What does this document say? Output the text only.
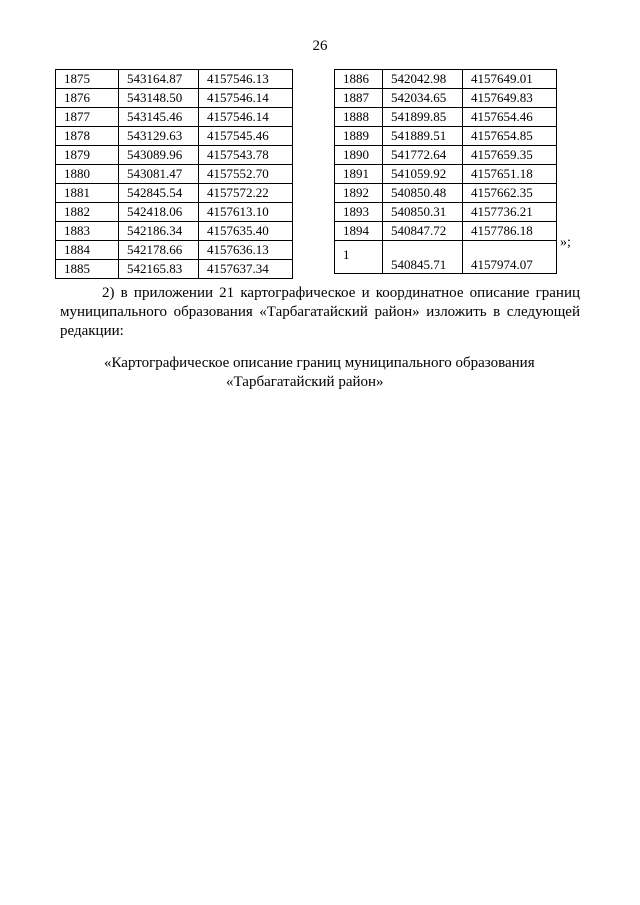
26
1875	543164.87	4157546.13
1876	543148.50	4157546.14
1877	543145.46	4157546.14
1878	543129.63	4157545.46
1879	543089.96	4157543.78
1880	543081.47	4157552.70
1881	542845.54	4157572.22
1882	542418.06	4157613.10
1883	542186.34	4157635.40
1884	542178.66	4157636.13
1885	542165.83	4157637.34
1886	542042.98	4157649.01
1887	542034.65	4157649.83
1888	541899.85	4157654.46
1889	541889.51	4157654.85
1890	541772.64	4157659.35
1891	541059.92	4157651.18
1892	540850.48	4157662.35
1893	540850.31	4157736.21
1894	540847.72	4157786.18
1	540845.71	4157974.07
»;
2) в приложении 21 картографическое и координатное описание границ
муниципального образования «Тарбагатайский район» изложить в следующей
редакции:
«Картографическое описание границ муниципального образования
«Тарбагатайский район»
